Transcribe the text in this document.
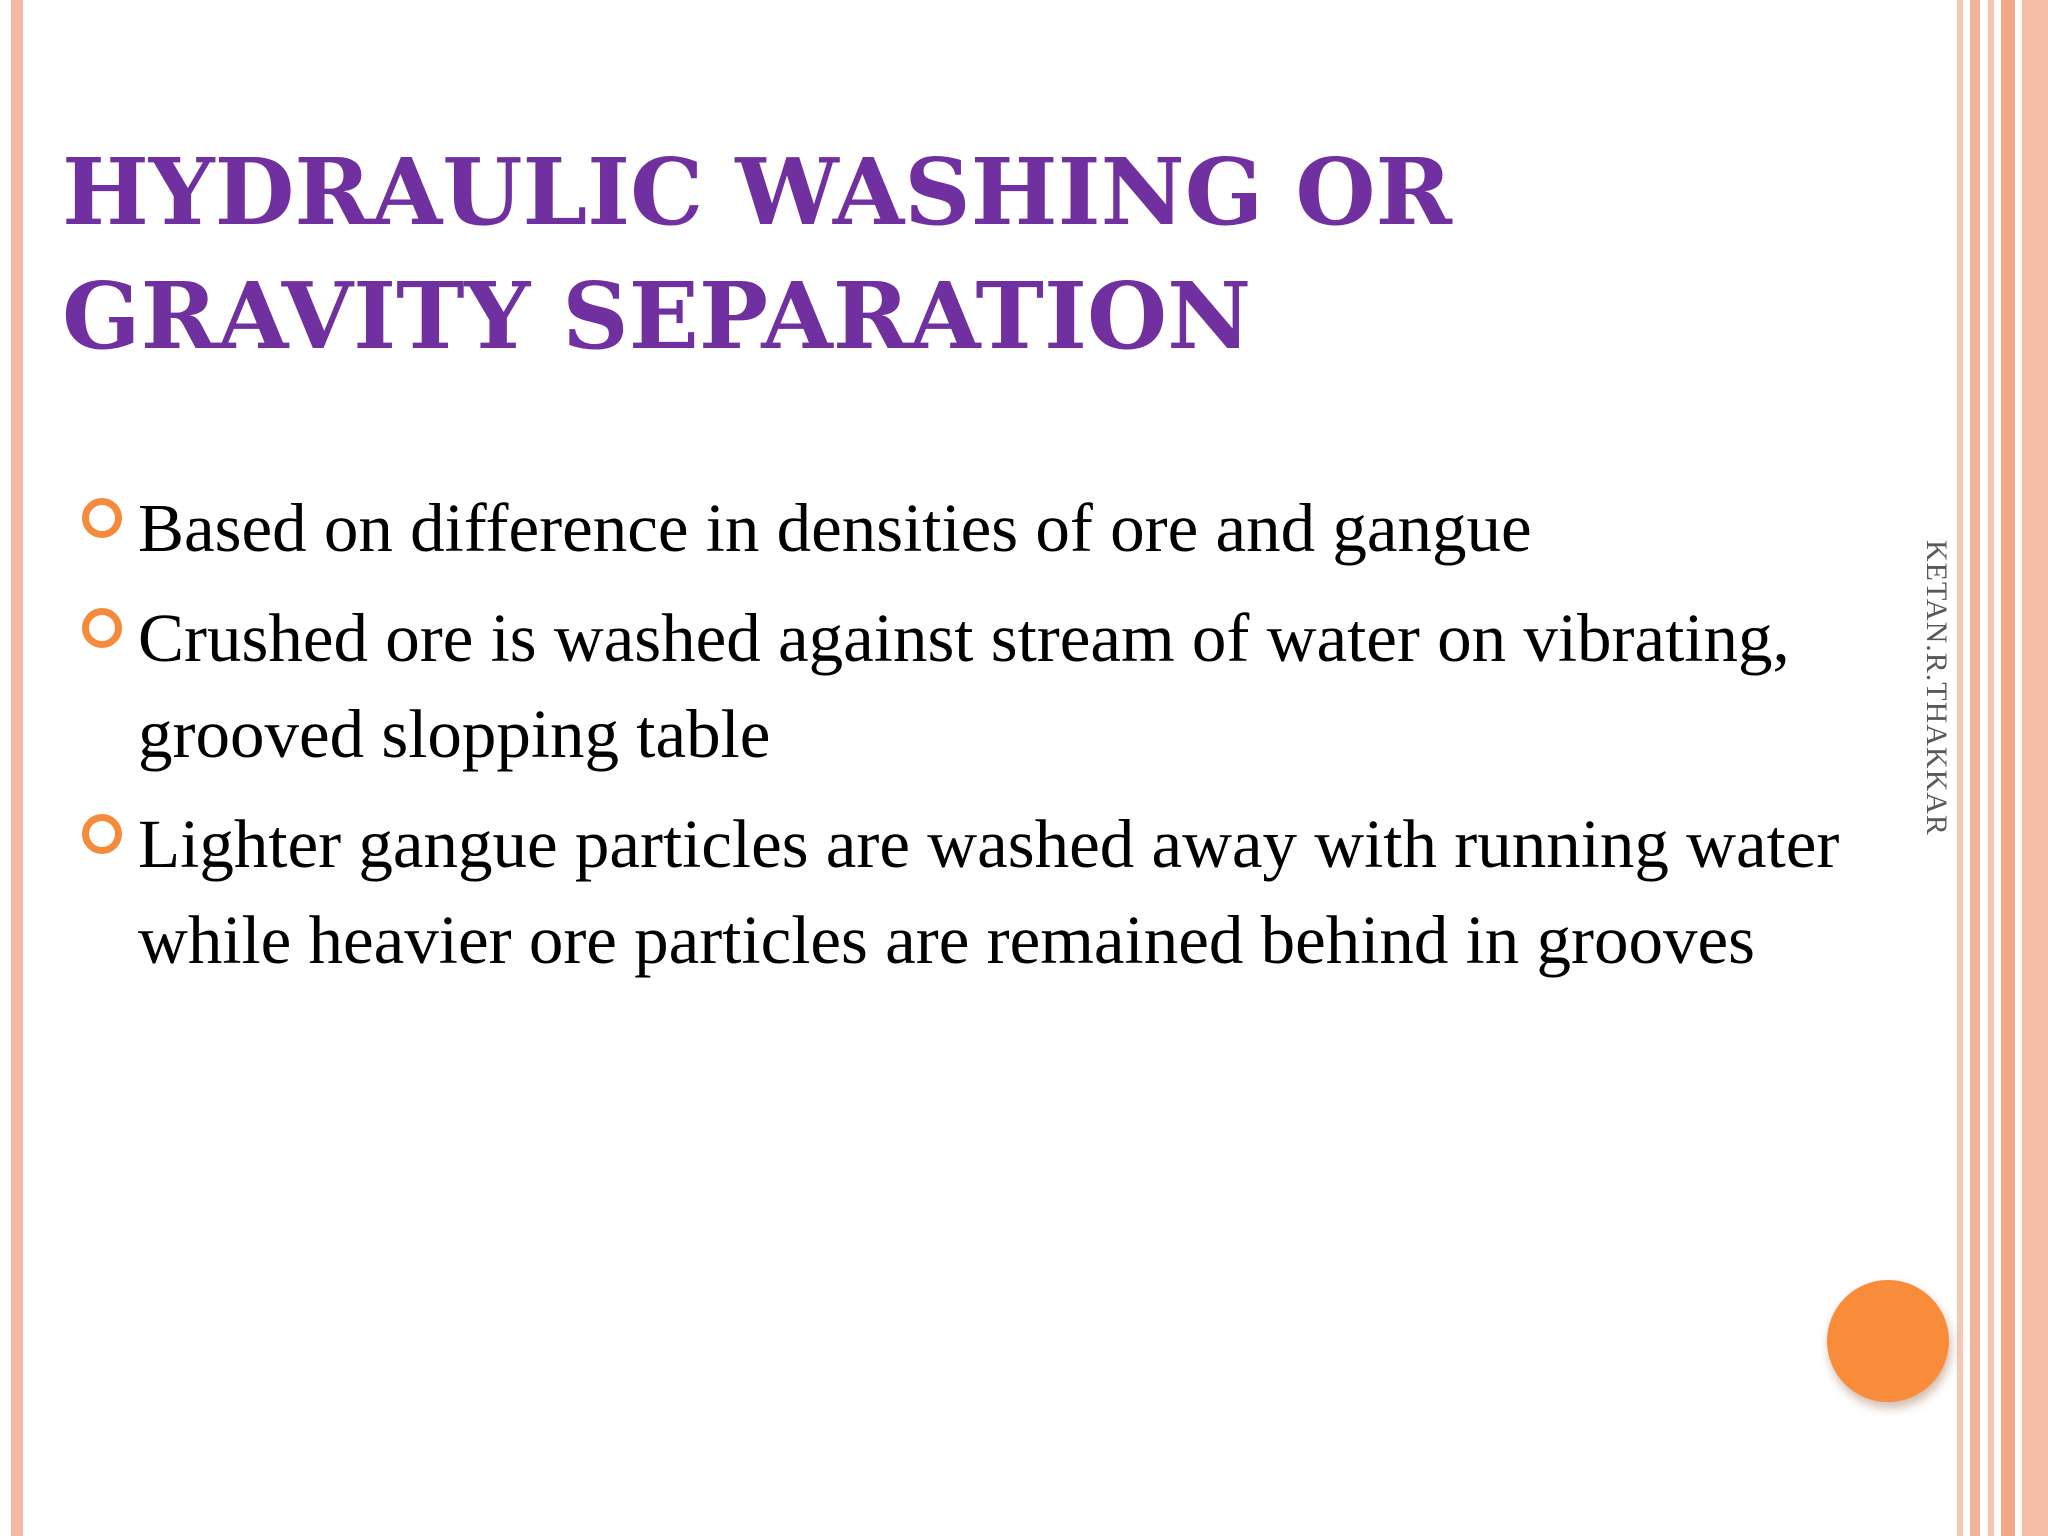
HYDRAULIC WASHING OR
GRAVITY SEPARATION
Based on difference in densities of ore and gangue
Crushed ore is washed against stream of water on vibrating, grooved slopping table
Lighter gangue particles are washed away with running water while heavier ore particles are remained behind in grooves
KETAN.R.THAKKAR
